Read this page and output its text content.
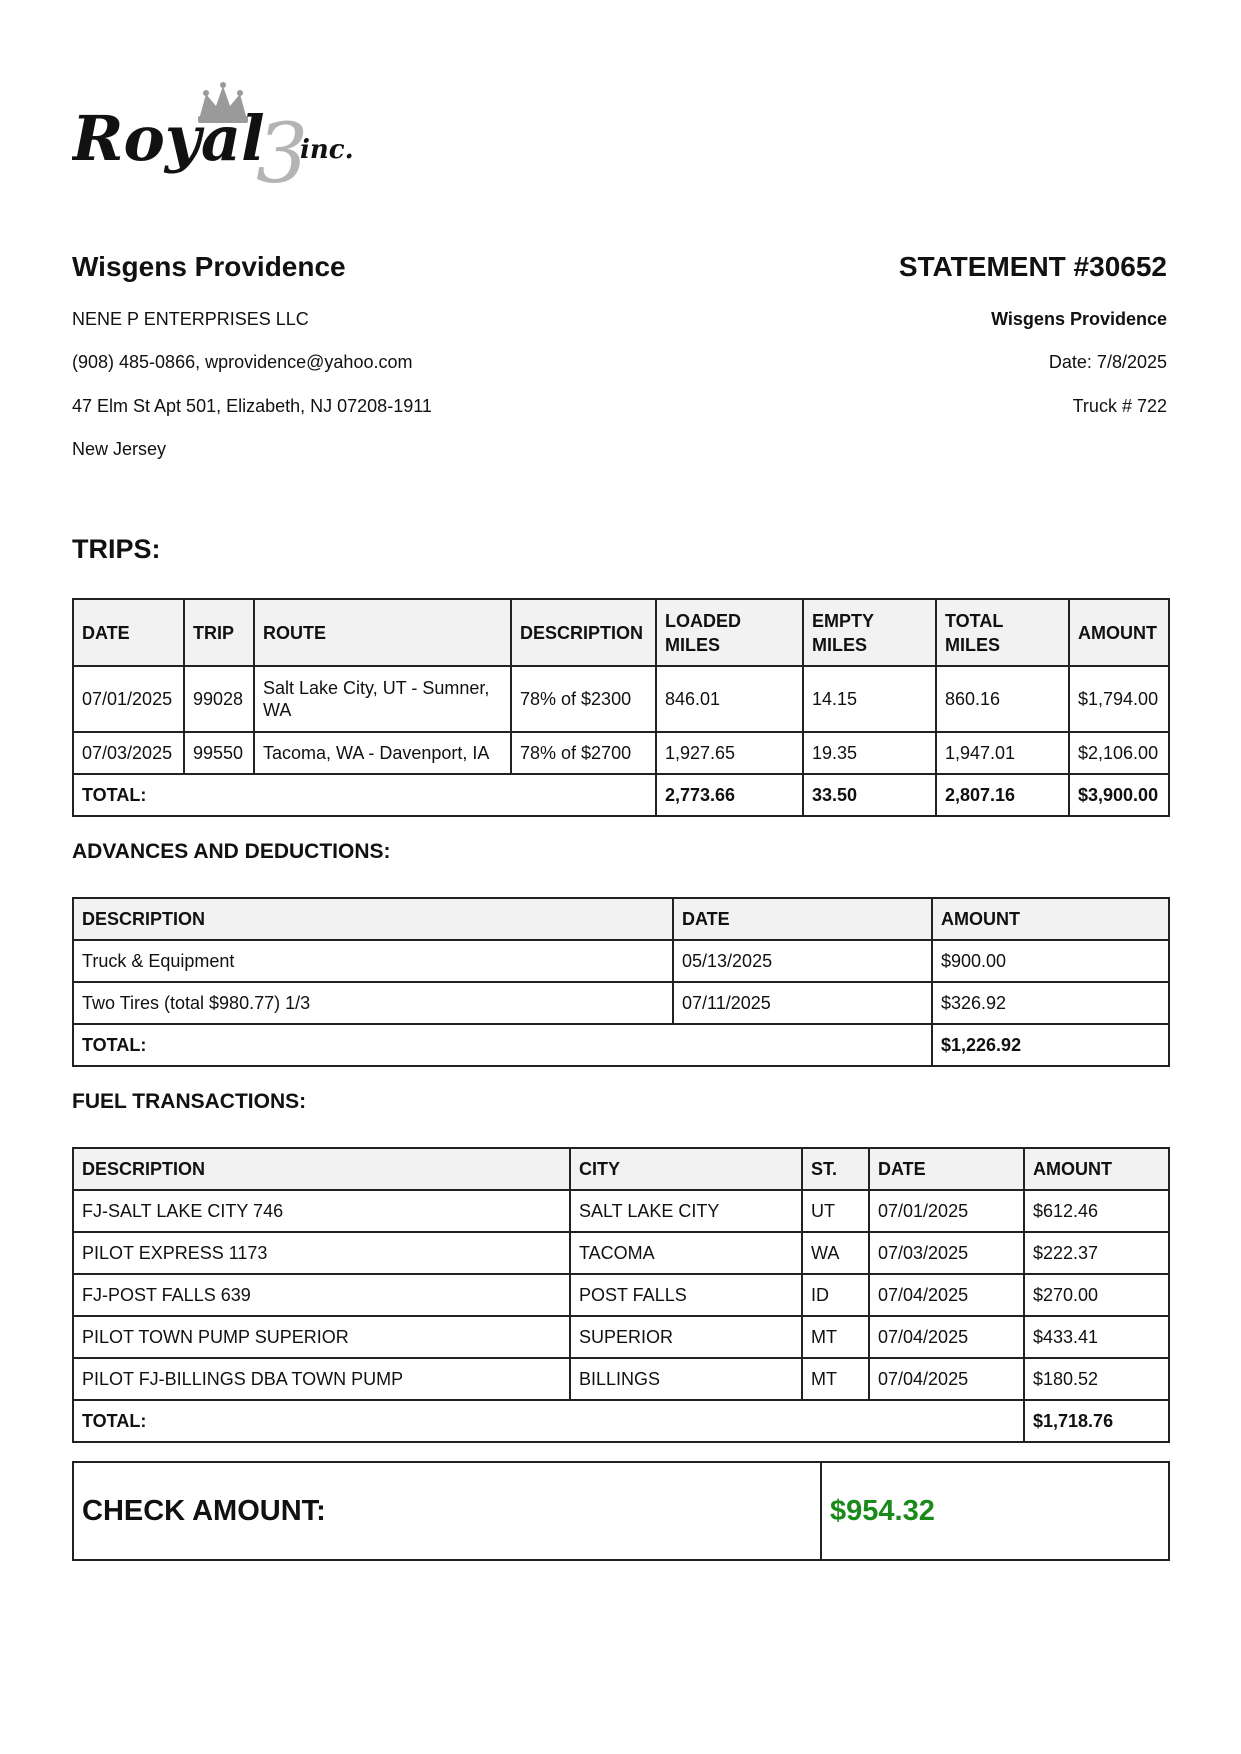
Royal
3
inc.
Wisgens Providence
NENE P ENTERPRISES LLC
(908) 485-0866, wprovidence@yahoo.com
47 Elm St Apt 501, Elizabeth, NJ 07208-1911
New Jersey
STATEMENT #30652
Wisgens Providence
Date: 7/8/2025
Truck # 722
TRIPS:
DATE	TRIP	ROUTE	DESCRIPTION	LOADED MILES	EMPTY MILES	TOTAL MILES	AMOUNT
07/01/2025	99028	Salt Lake City, UT - Sumner, WA	78% of $2300	846.01	14.15	860.16	$1,794.00
07/03/2025	99550	Tacoma, WA - Davenport, IA	78% of $2700	1,927.65	19.35	1,947.01	$2,106.00
TOTAL:				2,773.66	33.50	2,807.16	$3,900.00
ADVANCES AND DEDUCTIONS:
DESCRIPTION	DATE	AMOUNT
Truck & Equipment	05/13/2025	$900.00
Two Tires (total $980.77) 1/3	07/11/2025	$326.92
TOTAL:		$1,226.92
FUEL TRANSACTIONS:
DESCRIPTION	CITY	ST.	DATE	AMOUNT
FJ-SALT LAKE CITY 746	SALT LAKE CITY	UT	07/01/2025	$612.46
PILOT EXPRESS 1173	TACOMA	WA	07/03/2025	$222.37
FJ-POST FALLS 639	POST FALLS	ID	07/04/2025	$270.00
PILOT TOWN PUMP SUPERIOR	SUPERIOR	MT	07/04/2025	$433.41
PILOT FJ-BILLINGS DBA TOWN PUMP	BILLINGS	MT	07/04/2025	$180.52
TOTAL:				$1,718.76
CHECK AMOUNT:	$954.32
